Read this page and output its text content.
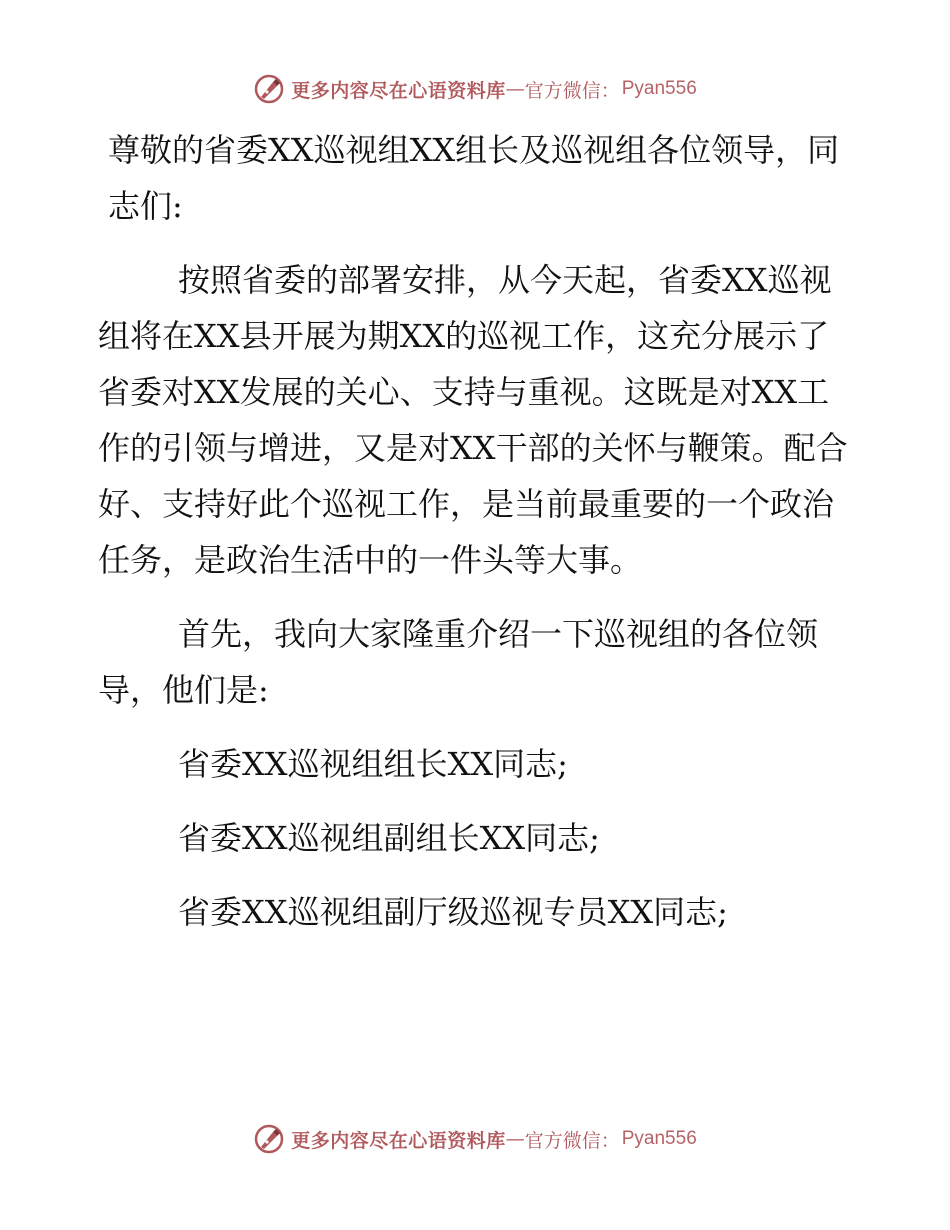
更多内容尽在心语资料库 — 官方微信： Pyan556

尊敬的省委XX巡视组XX组长及巡视组各位领导，同志们:

按照省委的部署安排，从今天起，省委XX巡视组将在XX县开展为期XX的巡视工作，这充分展示了省委对XX发展的关心、支持与重视。这既是对XX工作的引领与增进，又是对XX干部的关怀与鞭策。配合好、支持好此个巡视工作，是当前最重要的一个政治任务，是政治生活中的一件头等大事。

首先，我向大家隆重介绍一下巡视组的各位领导，他们是:

省委XX巡视组组长XX同志;

省委XX巡视组副组长XX同志;

省委XX巡视组副厅级巡视专员XX同志;

更多内容尽在心语资料库 — 官方微信： Pyan556
